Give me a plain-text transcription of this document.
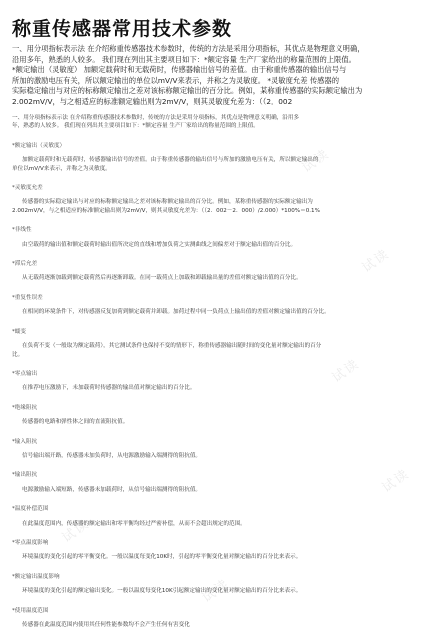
试读
试读
试读
试读
试读
试读
称重传感器常用技术参数

一、用分项指标表示法 在介绍称重传感器技术参数时，传统的方法是采用分项指标，其优点是物理意义明确，

沿用多年，熟悉的人较多。 我们现在列出其主要项目如下：*额定容量 生产厂家给出的称量范围的上限值。

*额定输出（灵敏度） 加额定载荷时和无载荷时，传感器输出信号的差值。由于称重传感器的输出信号与

所加的激励电压有关，所以额定输出的单位以mV/V来表示，并称之为灵敏度。 *灵敏度允差 传感器的

实际稳定输出与对应的标称额定输出之差对该标称额定输出的百分比。例如，某称重传感器的实际额定输出为

2.002mV/V，与之相适应的标准额定输出则为2mV/V，则其灵敏度允差为：（（2．002

一、用分项指标表示法 在介绍称重传感器技术参数时，传统的方法是采用分项指标，其优点是物理意义明确，沿用多

年，熟悉的人较多。 我们现在列出其主要项目如下：*额定容量 生产厂家给出的称量范围的上限值。

*额定输出（灵敏度）

加额定载荷时和无载荷时，传感器输出信号的差值。由于称重传感器的输出信号与所加的激励电压有关，所以额定输出的

单位以mV/V来表示，并称之为灵敏度。

*灵敏度允差

传感器的实际稳定输出与对应的标称额定输出之差对该标称额定输出的百分比。例如，某称重传感器的实际额定输出为

2.002mV/V，与之相适应的标准额定输出则为2mV/V，则其灵敏度允差为：（（2．002－2．000）/2.000）*100%＝0.1%

*非线性

由空载荷的输出值和额定载荷时输出值所决定的直线和增加负荷之实测曲线之间偏差对于额定输出值的百分比。

*滞后允差

从无载荷逐渐加载到额定载荷然后再逐渐卸载。在同一载荷点上加载和卸载输出量的差值对额定输出值的百分比。

*重复性误差

在相同的环境条件下，对传感器反复加荷到额定载荷并卸载。加荷过程中同一负荷点上输出值的差值对额定输出值的百分比。

*蠕变

在负荷不变（一般取为额定载荷），其它测试条件也保持不变的情形下，称重传感器输出随时间的变化量对额定输出的百分

比。

*零点输出

在推荐电压激励下，未加载荷时传感器的输出值对额定输出的百分比。

*绝缘阻抗

传感器的电路和弹性体之间的直流阻抗值。

*输入阻抗

信号输出端开路，传感器未加负荷时，从电源激励输入端测得的阻抗值。

*输出阻抗

电源激励输入端短路，传感器未加载荷时，从信号输出端测得的阻抗值。

*温度补偿范围

在此温度范围内，传感器的额定输出和零平衡均经过严密补偿，从而不会超出规定的范围。

*零点温度影响

环境温度的变化引起的零平衡变化。一般以温度每变化10K时，引起的零平衡变化量对额定输出的百分比来表示。

*额定输出温度影响

环境温度的变化引起的额定输出变化。一般以温度每变化10K引起额定输出的变化量对额定输出的百分比来表示。

*使用温度范围

传感器在此温度范围内使用其任何性能参数均不会产生任何有害变化
